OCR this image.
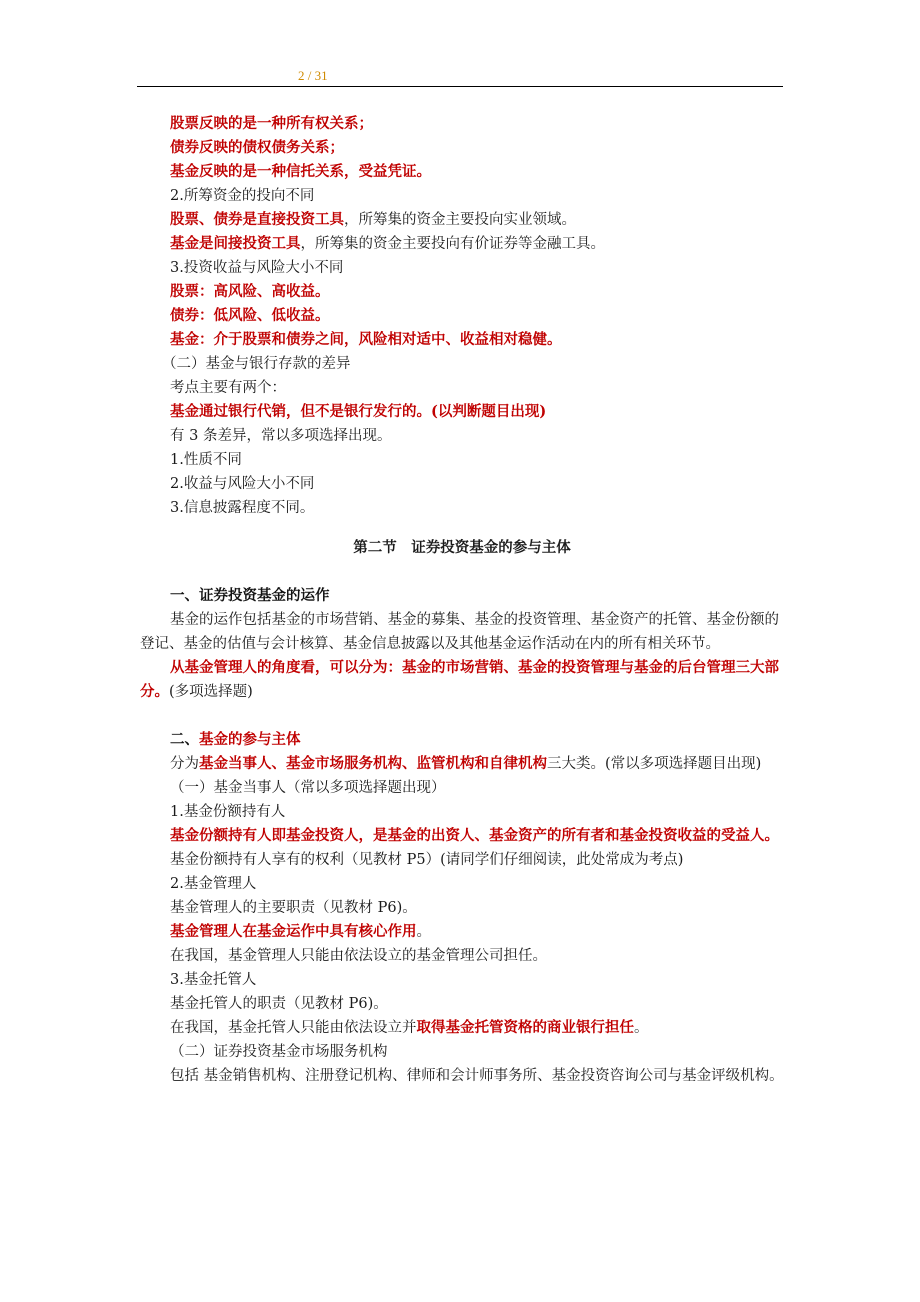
2 / 31

股票反映的是一种所有权关系；

债券反映的债权债务关系；

基金反映的是一种信托关系，受益凭证。

2.所筹资金的投向不同

股票、债券是直接投资工具，所筹集的资金主要投向实业领域。

基金是间接投资工具，所筹集的资金主要投向有价证券等金融工具。

3.投资收益与风险大小不同

股票：高风险、高收益。

债券：低风险、低收益。

基金：介于股票和债券之间，风险相对适中、收益相对稳健。

（二）基金与银行存款的差异

考点主要有两个：

基金通过银行代销，但不是银行发行的。(以判断题目出现)

有 3 条差异，常以多项选择出现。

1.性质不同

2.收益与风险大小不同

3.信息披露程度不同。

第二节　证券投资基金的参与主体

一、证券投资基金的运作

基金的运作包括基金的市场营销、基金的募集、基金的投资管理、基金资产的托管、基金份额的登记、基金的估值与会计核算、基金信息披露以及其他基金运作活动在内的所有相关环节。

从基金管理人的角度看，可以分为：基金的市场营销、基金的投资管理与基金的后台管理三大部分。(多项选择题)

二、基金的参与主体

分为基金当事人、基金市场服务机构、监管机构和自律机构三大类。(常以多项选择题目出现)

（一）基金当事人（常以多项选择题出现）

1.基金份额持有人

基金份额持有人即基金投资人，是基金的出资人、基金资产的所有者和基金投资收益的受益人。

基金份额持有人享有的权利（见教材 P5）(请同学们仔细阅读，此处常成为考点)

2.基金管理人

基金管理人的主要职责（见教材 P6)。

基金管理人在基金运作中具有核心作用。

在我国，基金管理人只能由依法设立的基金管理公司担任。

3.基金托管人

基金托管人的职责（见教材 P6)。

在我国，基金托管人只能由依法设立并取得基金托管资格的商业银行担任。

（二）证券投资基金市场服务机构

包括 基金销售机构、注册登记机构、律师和会计师事务所、基金投资咨询公司与基金评级机构。
